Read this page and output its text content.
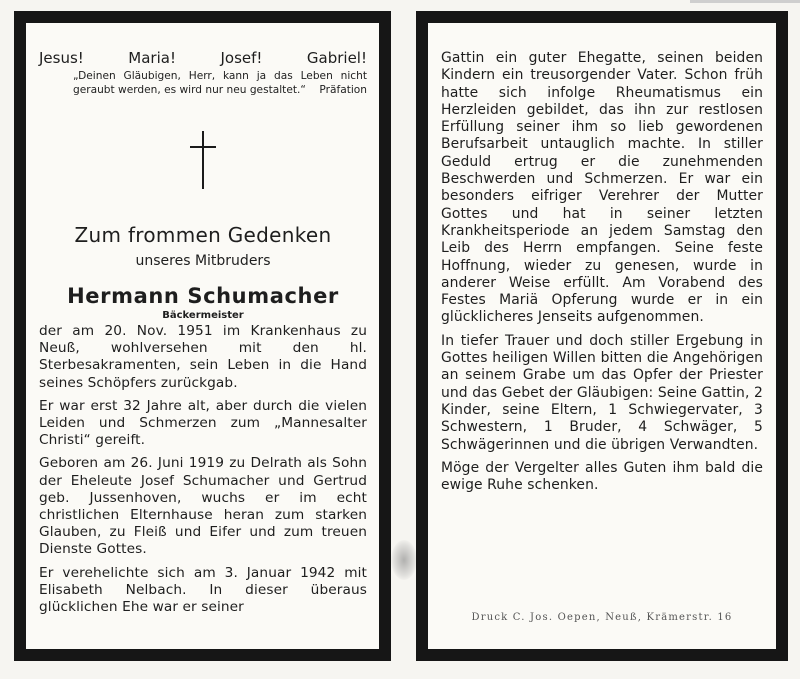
Jesus!	Maria!	Josef!	Gabriel!
„Deinen Gläubigen, Herr, kann ja das Leben nicht geraubt werden, es wird nur neu gestaltet.“	Präfation
Zum frommen Gedenken
unseres Mitbruders
Hermann Schumacher
Bäckermeister

der am 20. Nov. 1951 im Krankenhaus zu Neuß, wohlversehen mit den hl. Sterbesakramenten, sein Leben in die Hand seines Schöpfers zurückgab.

Er war erst 32 Jahre alt, aber durch die vielen Leiden und Schmerzen zum „Mannesalter Christi“ gereift.

Geboren am 26. Juni 1919 zu Delrath als Sohn der Eheleute Josef Schumacher und Gertrud geb. Jussenhoven, wuchs er im echt christlichen Elternhause heran zum starken Glauben, zu Fleiß und Eifer und zum treuen Dienste Gottes.

Er verehelichte sich am 3. Januar 1942 mit Elisabeth Nelbach. In dieser überaus glücklichen Ehe war er seiner

Gattin ein guter Ehegatte, seinen beiden Kindern ein treusorgender Vater. Schon früh hatte sich infolge Rheumatismus ein Herzleiden gebildet, das ihn zur restlosen Erfüllung seiner ihm so lieb gewordenen Berufsarbeit untauglich machte. In stiller Geduld ertrug er die zunehmenden Beschwerden und Schmerzen. Er war ein besonders eifriger Verehrer der Mutter Gottes und hat in seiner letzten Krankheitsperiode an jedem Samstag den Leib des Herrn empfangen. Seine feste Hoffnung, wieder zu genesen, wurde in anderer Weise erfüllt. Am Vorabend des Festes Mariä Opferung wurde er in ein glücklicheres Jenseits aufgenommen.

In tiefer Trauer und doch stiller Ergebung in Gottes heiligen Willen bitten die Angehörigen an seinem Grabe um das Opfer der Priester und das Gebet der Gläubigen: Seine Gattin, 2 Kinder, seine Eltern, 1 Schwiegervater, 3 Schwestern, 1 Bruder, 4 Schwäger, 5 Schwägerinnen und die übrigen Verwandten.

Möge der Vergelter alles Guten ihm bald die ewige Ruhe schenken.

Druck C. Jos. Oepen, Neuß, Krämerstr. 16
